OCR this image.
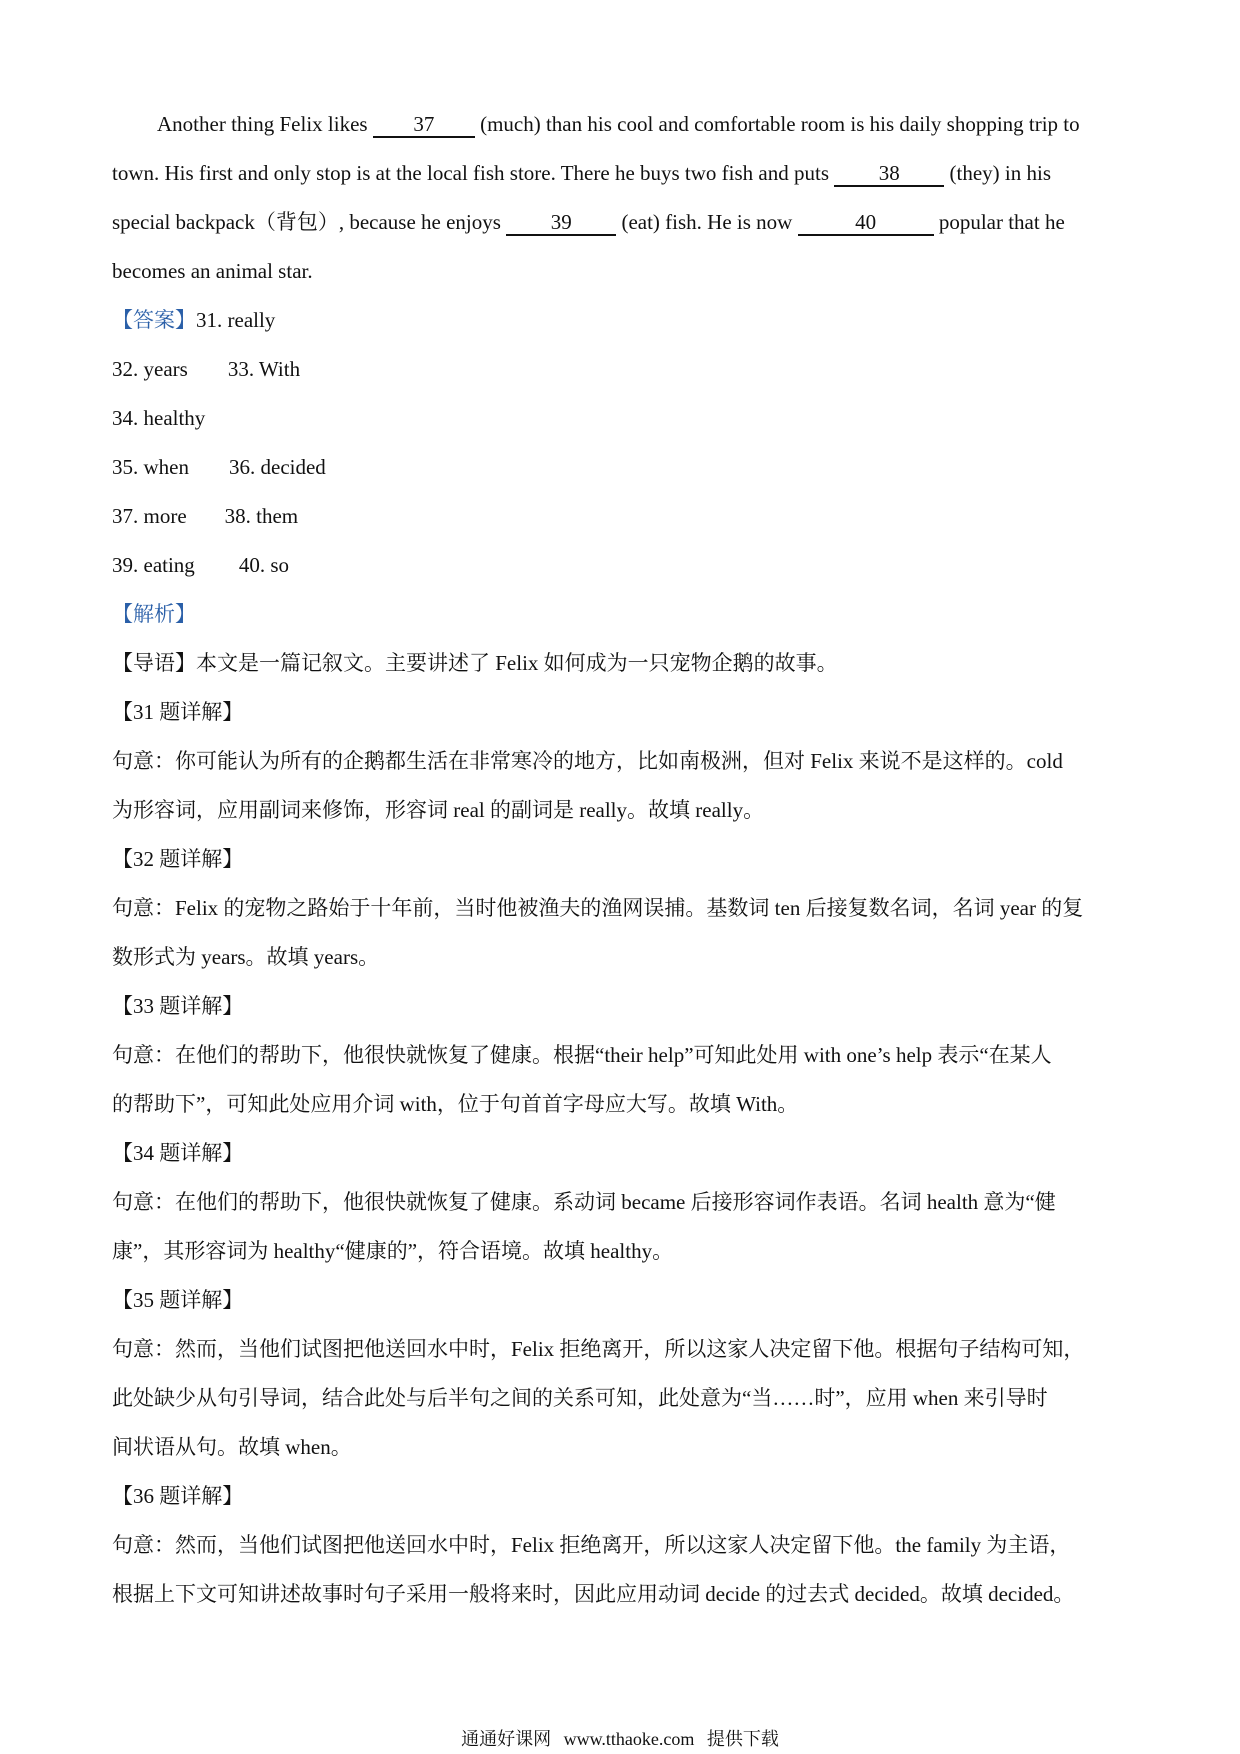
Another thing Felix likes 37 (much) than his cool and comfortable room is his daily shopping trip to
town. His first and only stop is at the local fish store. There he buys two fish and puts 38 (they) in his
special backpack（背包）, because he enjoys 39 (eat) fish. He is now	40	popular that he
becomes an animal star.
【答案】31. really
32. years 33. With
34. healthy
35. when 36. decided
37. more 38. them
39. eating 40. so
【解析】
【导语】本文是一篇记叙文。主要讲述了 Felix 如何成为一只宠物企鹅的故事。
【31 题详解】
句意：你可能认为所有的企鹅都生活在非常寒冷的地方，比如南极洲，但对 Felix 来说不是这样的。cold
为形容词，应用副词来修饰，形容词 real 的副词是 really。故填 really。
【32 题详解】
句意：Felix 的宠物之路始于十年前，当时他被渔夫的渔网误捕。基数词 ten 后接复数名词，名词 year 的复
数形式为 years。故填 years。
【33 题详解】
句意：在他们的帮助下，他很快就恢复了健康。根据“their help”可知此处用 with one’s help 表示“在某人
的帮助下”，可知此处应用介词 with，位于句首首字母应大写。故填 With。
【34 题详解】
句意：在他们的帮助下，他很快就恢复了健康。系动词 became 后接形容词作表语。名词 health 意为“健
康”，其形容词为 healthy“健康的”，符合语境。故填 healthy。
【35 题详解】
句意：然而，当他们试图把他送回水中时，Felix 拒绝离开，所以这家人决定留下他。根据句子结构可知，
此处缺少从句引导词，结合此处与后半句之间的关系可知，此处意为“当……时”，应用 when 来引导时
间状语从句。故填 when。
【36 题详解】
句意：然而，当他们试图把他送回水中时，Felix 拒绝离开，所以这家人决定留下他。the family 为主语，
根据上下文可知讲述故事时句子采用一般将来时，因此应用动词 decide 的过去式 decided。故填 decided。
通通好课网 www.tthaoke.com 提供下载
